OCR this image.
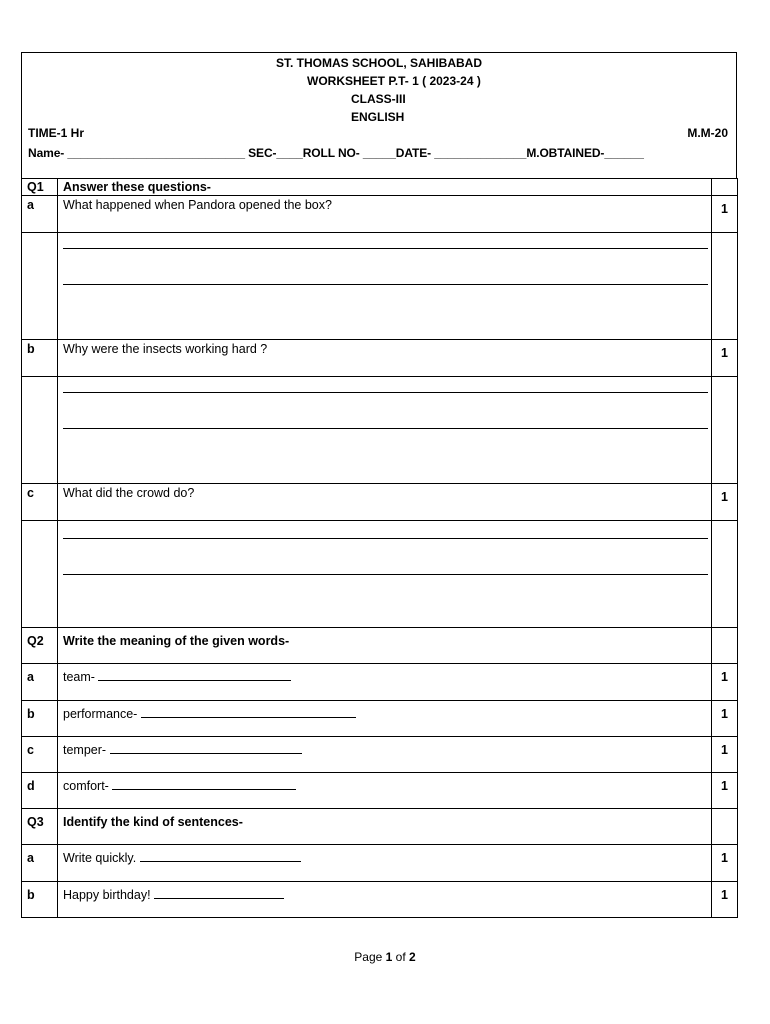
ST. THOMAS SCHOOL, SAHIBABAD
WORKSHEET P.T- 1 ( 2023-24 )
CLASS-III
ENGLISH
TIME-1 Hr	M.M-20
Name- ___________________________ SEC-____ROLL NO- _____DATE- ______________M.OBTAINED-______
Q1	Answer these questions-	
a	What happened when Pandora opened the box?	1

b	Why were the insects working hard ?	1

c	What did the crowd do?	1

Q2	Write the meaning of the given words-	
a	team-	1
b	performance-	1
c	temper-	1
d	comfort-	1
Q3	Identify the kind of sentences-	
a	Write quickly.	1
b	Happy birthday!	1
Page 1 of 2
